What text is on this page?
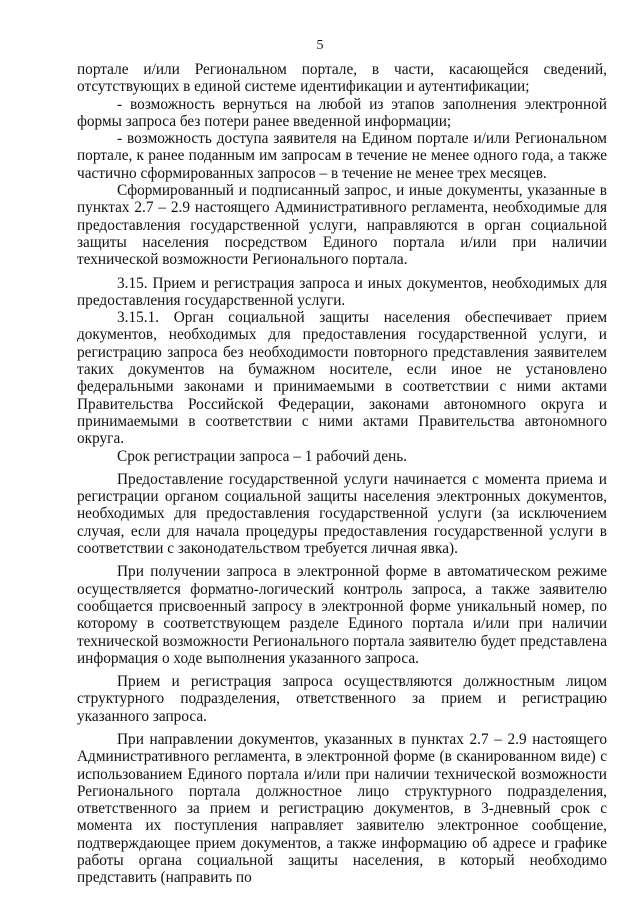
5

портале и/или Региональном портале, в части, касающейся сведений, отсутствующих в единой системе идентификации и аутентификации;

- возможность вернуться на любой из этапов заполнения электронной формы запроса без потери ранее введенной информации;

- возможность доступа заявителя на Едином портале и/или Региональном портале, к ранее поданным им запросам в течение не менее одного года, а также частично сформированных запросов – в течение не менее трех месяцев.

Сформированный и подписанный запрос, и иные документы, указанные в пунктах 2.7 – 2.9 настоящего Административного регламента, необходимые для предоставления государственной услуги, направляются в орган социальной защиты населения посредством Единого портала и/или при наличии технической возможности Регионального портала.

3.15. Прием и регистрация запроса и иных документов, необходимых для предоставления государственной услуги.

3.15.1. Орган социальной защиты населения обеспечивает прием документов, необходимых для предоставления государственной услуги, и регистрацию запроса без необходимости повторного представления заявителем таких документов на бумажном носителе, если иное не установлено федеральными законами и принимаемыми в соответствии с ними актами Правительства Российской Федерации, законами автономного округа и принимаемыми в соответствии с ними актами Правительства автономного округа.

Срок регистрации запроса – 1 рабочий день.

Предоставление государственной услуги начинается с момента приема и регистрации органом социальной защиты населения электронных документов, необходимых для предоставления государственной услуги (за исключением случая, если для начала процедуры предоставления государственной услуги в соответствии с законодательством требуется личная явка).

При получении запроса в электронной форме в автоматическом режиме осуществляется форматно-логический контроль запроса, а также заявителю сообщается присвоенный запросу в электронной форме уникальный номер, по которому в соответствующем разделе Единого портала и/или при наличии технической возможности Регионального портала заявителю будет представлена информация о ходе выполнения указанного запроса.

Прием и регистрация запроса осуществляются должностным лицом структурного подразделения, ответственного за прием и регистрацию указанного запроса.

При направлении документов, указанных в пунктах 2.7 – 2.9 настоящего Административного регламента, в электронной форме (в сканированном виде) с использованием Единого портала и/или при наличии технической возможности Регионального портала должностное лицо структурного подразделения, ответственного за прием и регистрацию документов, в 3-дневный срок с момента их поступления направляет заявителю электронное сообщение, подтверждающее прием документов, а также информацию об адресе и графике работы органа социальной защиты населения, в который необходимо представить (направить по
